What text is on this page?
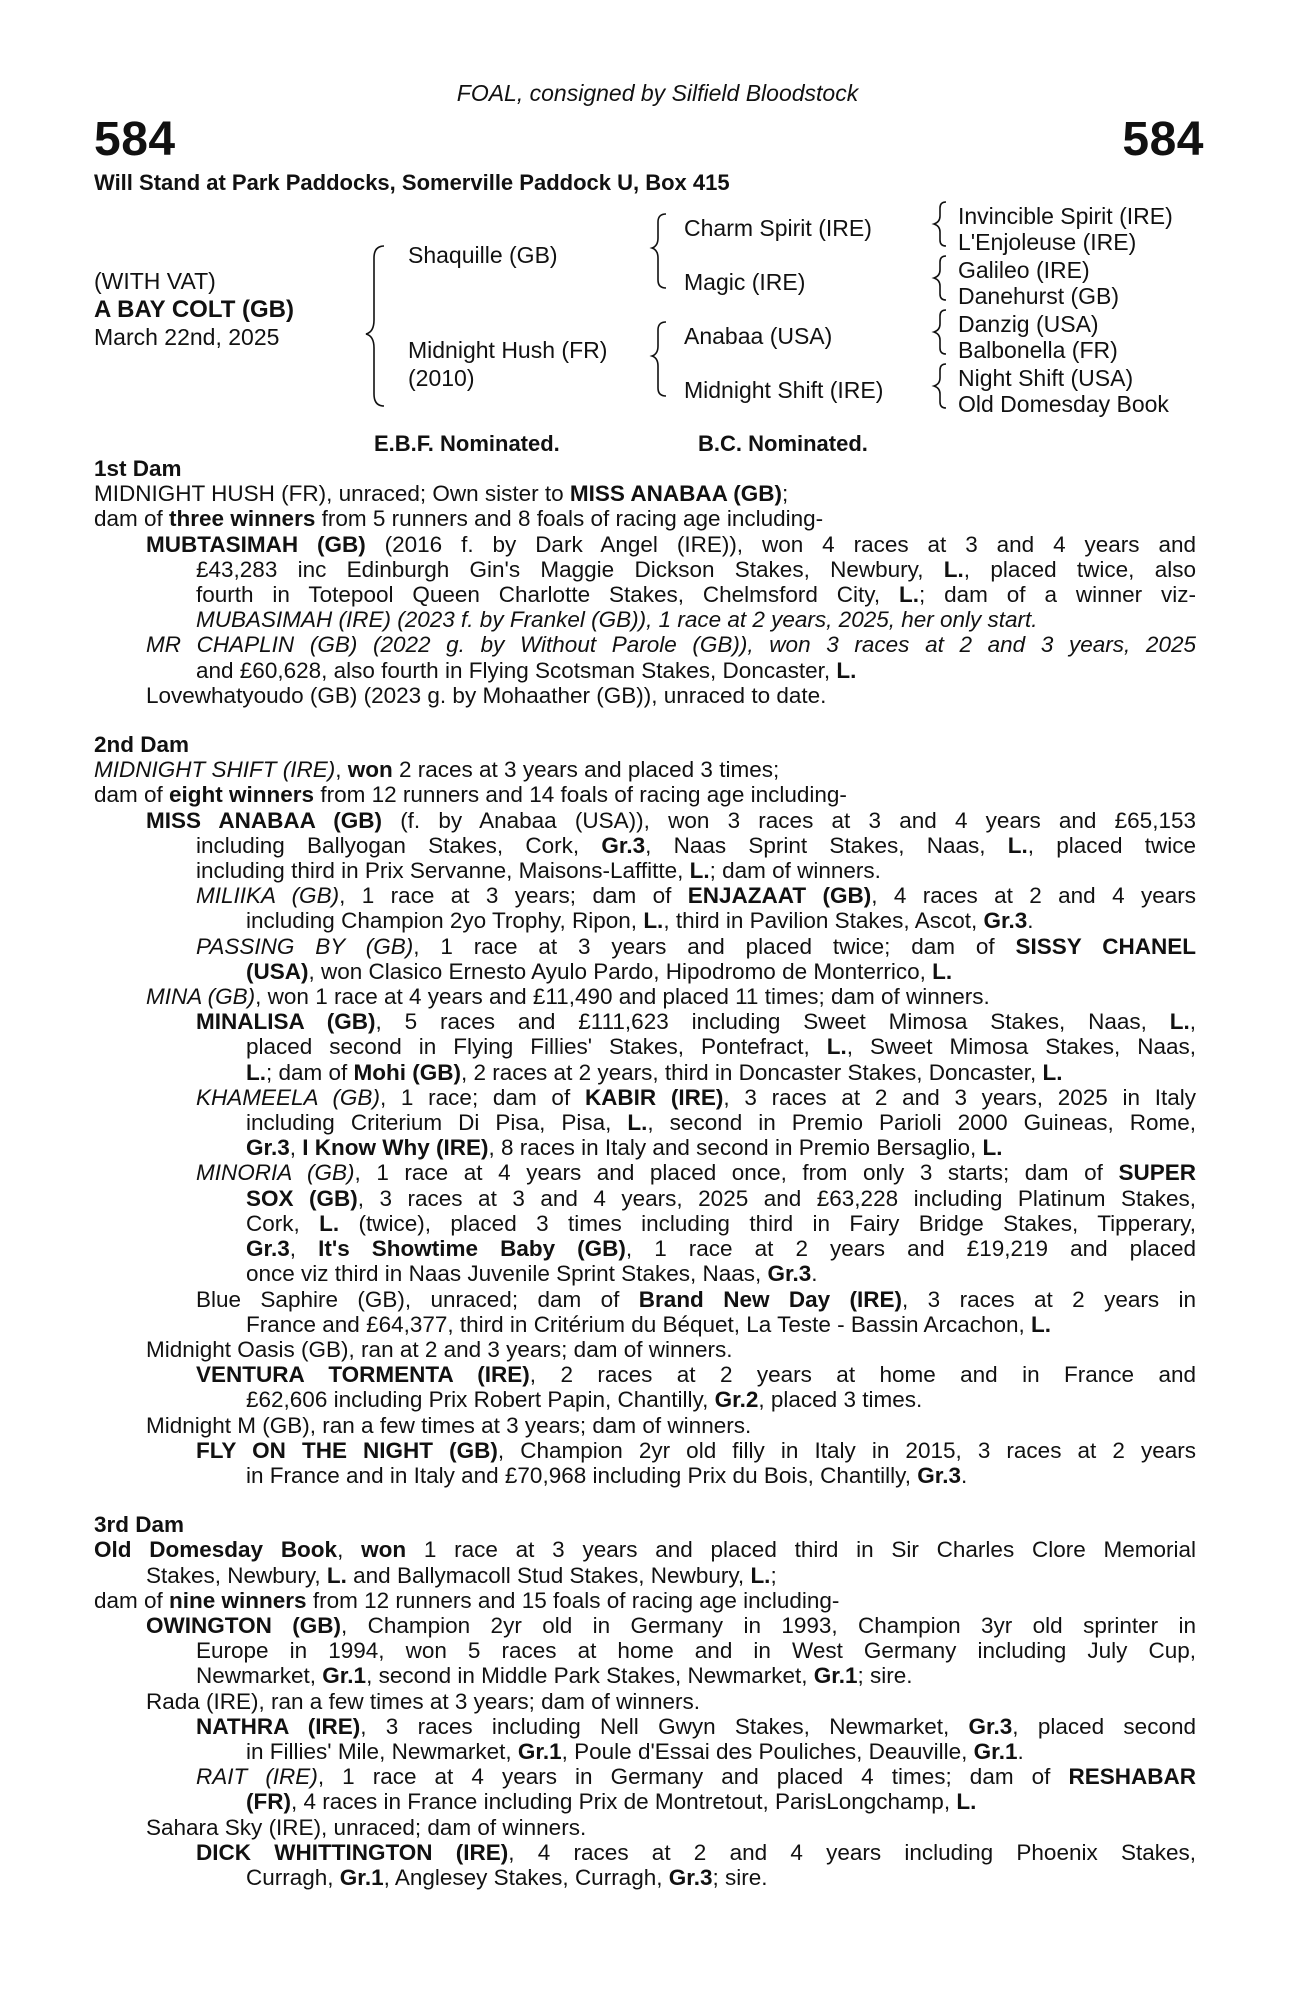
FOAL, consigned by Silfield Bloodstock
584	584
Will Stand at Park Paddocks, Somerville Paddock U, Box 415
(WITH VAT)
A BAY COLT (GB)
March 22nd, 2025
Shaquille (GB)
Midnight Hush (FR)
(2010)
Charm Spirit (IRE)
Magic (IRE)
Anabaa (USA)
Midnight Shift (IRE)
Invincible Spirit (IRE)
L'Enjoleuse (IRE)
Galileo (IRE)
Danehurst (GB)
Danzig (USA)
Balbonella (FR)
Night Shift (USA)
Old Domesday Book
E.B.F. Nominated.	B.C. Nominated.
1st Dam
MIDNIGHT HUSH (FR), unraced; Own sister to MISS ANABAA (GB);
dam of three winners from 5 runners and 8 foals of racing age including-
MUBTASIMAH (GB) (2016 f. by Dark Angel (IRE)), won 4 races at 3 and 4 years and
£43,283 inc Edinburgh Gin's Maggie Dickson Stakes, Newbury, L., placed twice, also
fourth in Totepool Queen Charlotte Stakes, Chelmsford City, L.; dam of a winner viz-
MUBASIMAH (IRE) (2023 f. by Frankel (GB)), 1 race at 2 years, 2025, her only start.
MR CHAPLIN (GB) (2022 g. by Without Parole (GB)), won 3 races at 2 and 3 years, 2025
and £60,628, also fourth in Flying Scotsman Stakes, Doncaster, L.
Lovewhatyoudo (GB) (2023 g. by Mohaather (GB)), unraced to date.
2nd Dam
MIDNIGHT SHIFT (IRE), won 2 races at 3 years and placed 3 times;
dam of eight winners from 12 runners and 14 foals of racing age including-
MISS ANABAA (GB) (f. by Anabaa (USA)), won 3 races at 3 and 4 years and £65,153
including Ballyogan Stakes, Cork, Gr.3, Naas Sprint Stakes, Naas, L., placed twice
including third in Prix Servanne, Maisons-Laffitte, L.; dam of winners.
MILIIKA (GB), 1 race at 3 years; dam of ENJAZAAT (GB), 4 races at 2 and 4 years
including Champion 2yo Trophy, Ripon, L., third in Pavilion Stakes, Ascot, Gr.3.
PASSING BY (GB), 1 race at 3 years and placed twice; dam of SISSY CHANEL
(USA), won Clasico Ernesto Ayulo Pardo, Hipodromo de Monterrico, L.
MINA (GB), won 1 race at 4 years and £11,490 and placed 11 times; dam of winners.
MINALISA (GB), 5 races and £111,623 including Sweet Mimosa Stakes, Naas, L.,
placed second in Flying Fillies' Stakes, Pontefract, L., Sweet Mimosa Stakes, Naas,
L.; dam of Mohi (GB), 2 races at 2 years, third in Doncaster Stakes, Doncaster, L.
KHAMEELA (GB), 1 race; dam of KABIR (IRE), 3 races at 2 and 3 years, 2025 in Italy
including Criterium Di Pisa, Pisa, L., second in Premio Parioli 2000 Guineas, Rome,
Gr.3, I Know Why (IRE), 8 races in Italy and second in Premio Bersaglio, L.
MINORIA (GB), 1 race at 4 years and placed once, from only 3 starts; dam of SUPER
SOX (GB), 3 races at 3 and 4 years, 2025 and £63,228 including Platinum Stakes,
Cork, L. (twice), placed 3 times including third in Fairy Bridge Stakes, Tipperary,
Gr.3, It's Showtime Baby (GB), 1 race at 2 years and £19,219 and placed
once viz third in Naas Juvenile Sprint Stakes, Naas, Gr.3.
Blue Saphire (GB), unraced; dam of Brand New Day (IRE), 3 races at 2 years in
France and £64,377, third in Critérium du Béquet, La Teste - Bassin Arcachon, L.
Midnight Oasis (GB), ran at 2 and 3 years; dam of winners.
VENTURA TORMENTA (IRE), 2 races at 2 years at home and in France and
£62,606 including Prix Robert Papin, Chantilly, Gr.2, placed 3 times.
Midnight M (GB), ran a few times at 3 years; dam of winners.
FLY ON THE NIGHT (GB), Champion 2yr old filly in Italy in 2015, 3 races at 2 years
in France and in Italy and £70,968 including Prix du Bois, Chantilly, Gr.3.
3rd Dam
Old Domesday Book, won 1 race at 3 years and placed third in Sir Charles Clore Memorial
Stakes, Newbury, L. and Ballymacoll Stud Stakes, Newbury, L.;
dam of nine winners from 12 runners and 15 foals of racing age including-
OWINGTON (GB), Champion 2yr old in Germany in 1993, Champion 3yr old sprinter in
Europe in 1994, won 5 races at home and in West Germany including July Cup,
Newmarket, Gr.1, second in Middle Park Stakes, Newmarket, Gr.1; sire.
Rada (IRE), ran a few times at 3 years; dam of winners.
NATHRA (IRE), 3 races including Nell Gwyn Stakes, Newmarket, Gr.3, placed second
in Fillies' Mile, Newmarket, Gr.1, Poule d'Essai des Pouliches, Deauville, Gr.1.
RAIT (IRE), 1 race at 4 years in Germany and placed 4 times; dam of RESHABAR
(FR), 4 races in France including Prix de Montretout, ParisLongchamp, L.
Sahara Sky (IRE), unraced; dam of winners.
DICK WHITTINGTON (IRE), 4 races at 2 and 4 years including Phoenix Stakes,
Curragh, Gr.1, Anglesey Stakes, Curragh, Gr.3; sire.
